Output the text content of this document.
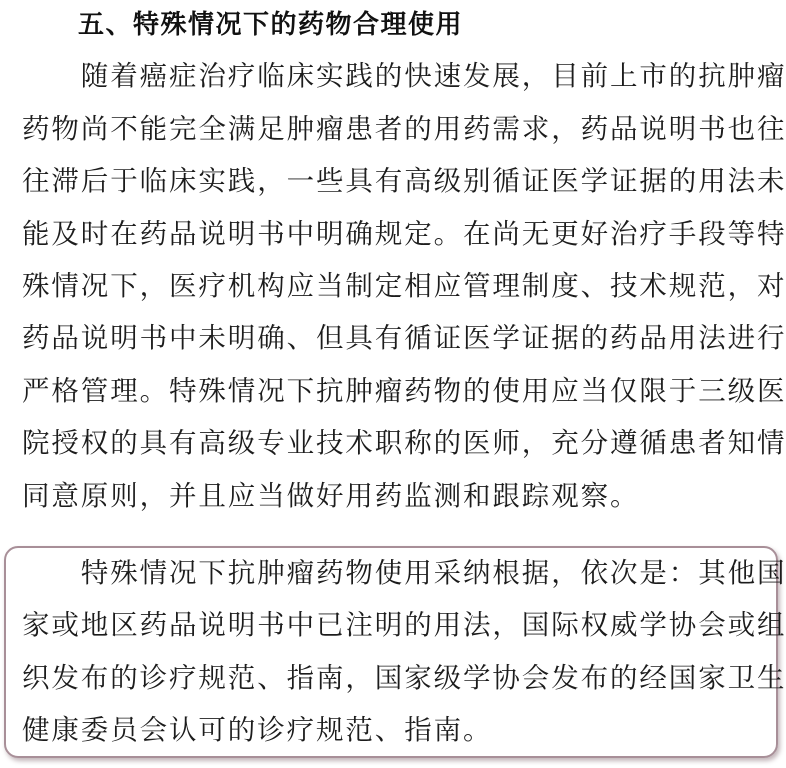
五、特殊情况下的药物合理使用
　　随着癌症治疗临床实践的快速发展，目前上市的抗肿瘤
药物尚不能完全满足肿瘤患者的用药需求，药品说明书也往
往滞后于临床实践，一些具有高级别循证医学证据的用法未
能及时在药品说明书中明确规定。在尚无更好治疗手段等特
殊情况下，医疗机构应当制定相应管理制度、技术规范，对
药品说明书中未明确、但具有循证医学证据的药品用法进行
严格管理。特殊情况下抗肿瘤药物的使用应当仅限于三级医
院授权的具有高级专业技术职称的医师，充分遵循患者知情
同意原则，并且应当做好用药监测和跟踪观察。
　　特殊情况下抗肿瘤药物使用采纳根据，依次是：其他国
家或地区药品说明书中已注明的用法，国际权威学协会或组
织发布的诊疗规范、指南，国家级学协会发布的经国家卫生
健康委员会认可的诊疗规范、指南。
